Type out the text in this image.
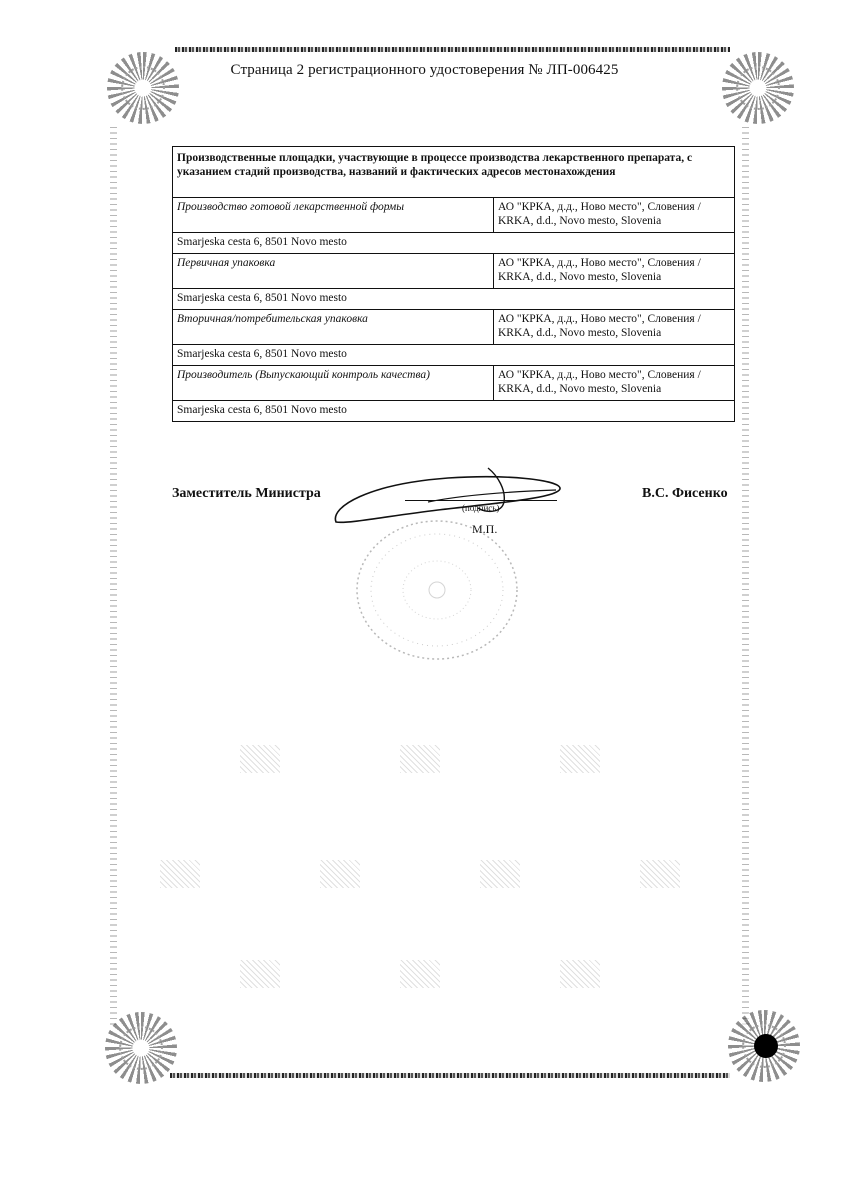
Страница 2 регистрационного удостоверения № ЛП-006425
Производственные площадки, участвующие в процессе производства лекарственного препарата, с указанием стадий производства, названий и фактических адресов местонахождения	
Производство готовой лекарственной формы	АО "КРКА, д.д., Ново место", Словения /
KRKA, d.d., Novo mesto, Slovenia

Smarjeska cesta 6, 8501 Novo mesto	
Первичная упаковка	АО "КРКА, д.д., Ново место", Словения /
KRKA, d.d., Novo mesto, Slovenia

Smarjeska cesta 6, 8501 Novo mesto	
Вторичная/потребительская упаковка	АО "КРКА, д.д., Ново место", Словения /
KRKA, d.d., Novo mesto, Slovenia

Smarjeska cesta 6, 8501 Novo mesto	
Производитель (Выпускающий контроль качества)	АО "КРКА, д.д., Ново место", Словения /
KRKA, d.d., Novo mesto, Slovenia

Smarjeska cesta 6, 8501 Novo mesto	
Заместитель Министра
(подпись)
М.П.
В.С. Фисенко
